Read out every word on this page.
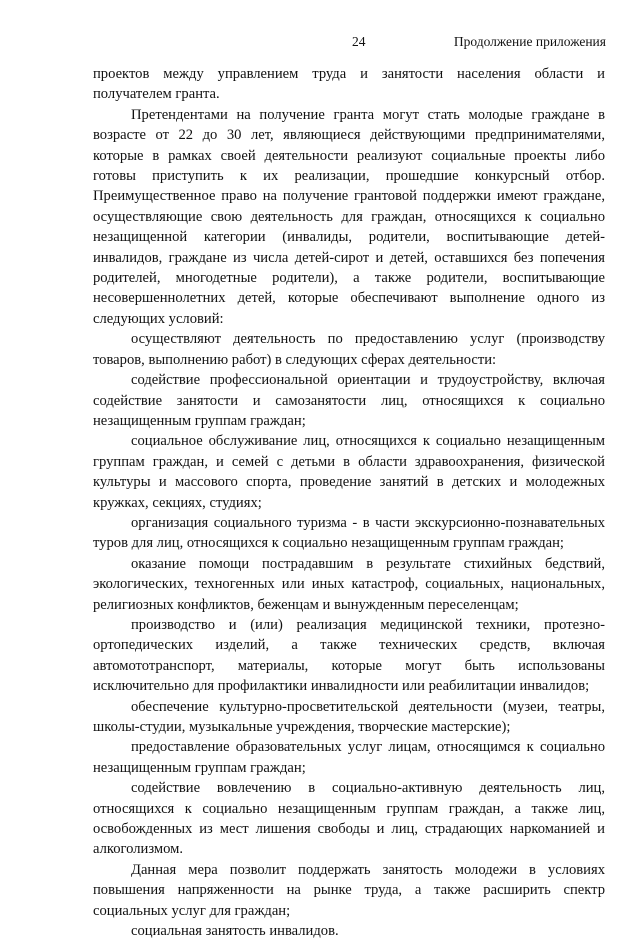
24	Продолжение приложения

проектов между управлением труда и занятости населения области и получателем гранта.

Претендентами на получение гранта могут стать молодые граждане в возрасте от 22 до 30 лет, являющиеся действующими предпринимателями, которые в рамках своей деятельности реализуют социальные проекты либо готовы приступить к их реализации, прошедшие конкурсный отбор. Преимущественное право на получение грантовой поддержки имеют граждане, осуществляющие свою деятельность для граждан, относящихся к социально незащищенной категории (инвалиды, родители, воспитывающие детей-инвалидов, граждане из числа детей-сирот и детей, оставшихся без попечения родителей, многодетные родители), а также родители, воспитывающие несовершеннолетних детей, которые обеспечивают выполнение одного из следующих условий:

осуществляют деятельность по предоставлению услуг (производству товаров, выполнению работ) в следующих сферах деятельности:

содействие профессиональной ориентации и трудоустройству, включая содействие занятости и самозанятости лиц, относящихся к социально незащищенным группам граждан;

социальное обслуживание лиц, относящихся к социально незащищенным группам граждан, и семей с детьми в области здравоохранения, физической культуры и массового спорта, проведение занятий в детских и молодежных кружках, секциях, студиях;

организация социального туризма - в части экскурсионно-познавательных туров для лиц, относящихся к социально незащищенным группам граждан;

оказание помощи пострадавшим в результате стихийных бедствий, экологических, техногенных или иных катастроф, социальных, национальных, религиозных конфликтов, беженцам и вынужденным переселенцам;

производство и (или) реализация медицинской техники, протезно-ортопедических изделий, а также технических средств, включая автомототранспорт, материалы, которые могут быть использованы исключительно для профилактики инвалидности или реабилитации инвалидов;

обеспечение культурно-просветительской деятельности (музеи, театры, школы-студии, музыкальные учреждения, творческие мастерские);

предоставление образовательных услуг лицам, относящимся к социально незащищенным группам граждан;

содействие вовлечению в социально-активную деятельность лиц, относящихся к социально незащищенным группам граждан, а также лиц, освобожденных из мест лишения свободы и лиц, страдающих наркоманией и алкоголизмом.

Данная мера позволит поддержать занятость молодежи в условиях повышения напряженности на рынке труда, а также расширить спектр социальных услуг для граждан;

социальная занятость инвалидов.
